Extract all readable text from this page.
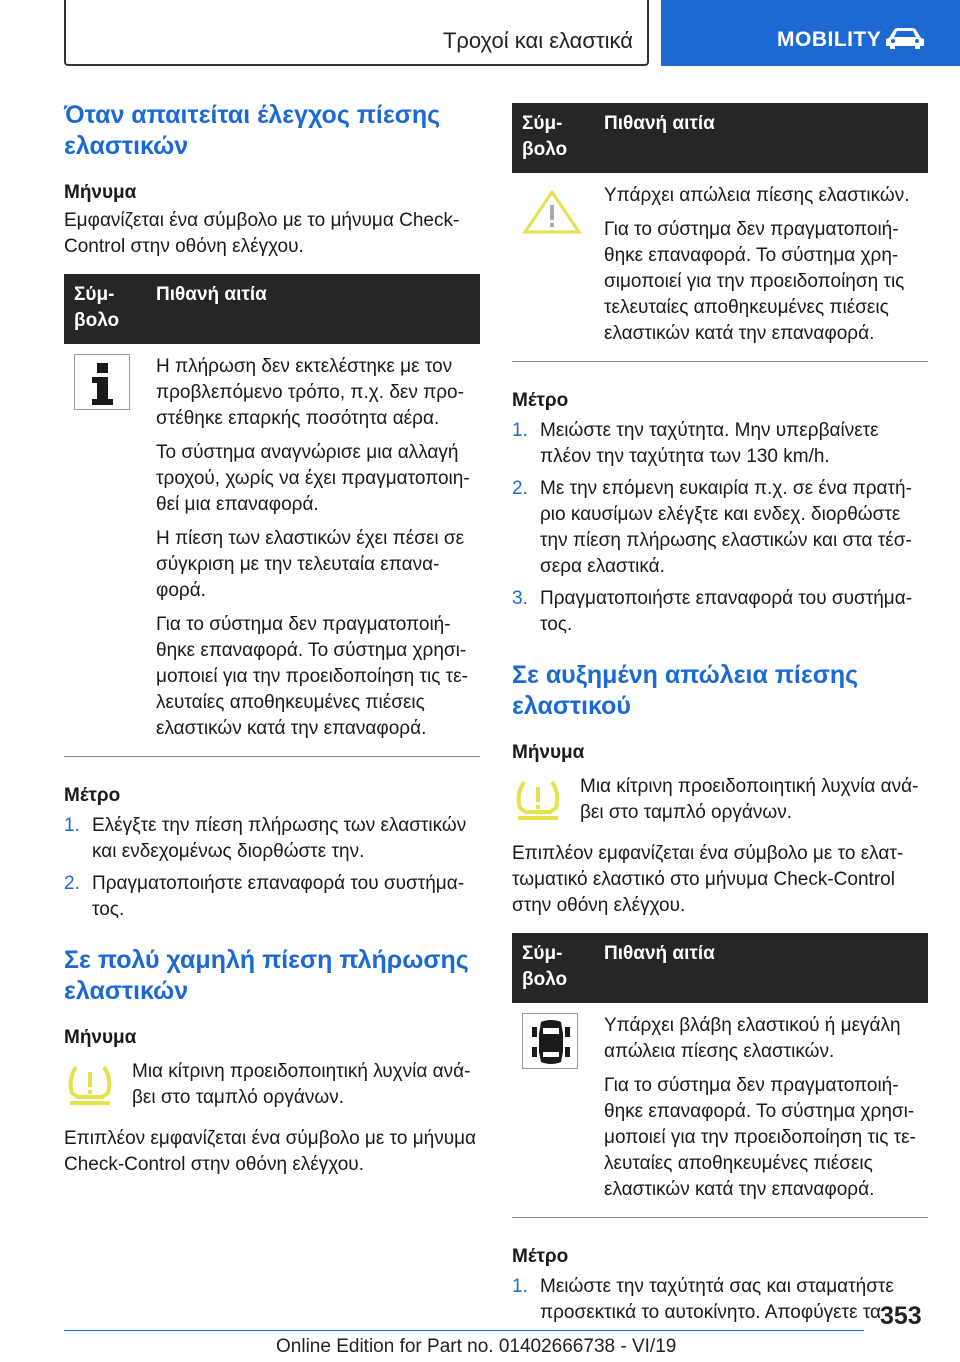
Τροχοί και ελαστικά	MOBILITY
Όταν απαιτείται έλεγχος πίεσης ελαστικών
Μήνυμα

Εμφανίζεται ένα σύμβολο με το μήνυμα Check-Control στην οθόνη ελέγχου.

Σύμ-βολο	Πιθανή αιτία

Η πλήρωση δεν εκτελέστηκε με τον προβλεπόμενο τρόπο, π.χ. δεν προ-στέθηκε επαρκής ποσότητα αέρα.

Το σύστημα αναγνώρισε μια αλλαγή τροχού, χωρίς να έχει πραγματοποιη-θεί μια επαναφορά.

Η πίεση των ελαστικών έχει πέσει σε σύγκριση με την τελευταία επανα-φορά.

Για το σύστημα δεν πραγματοποιή-θηκε επαναφορά. Το σύστημα χρησι-μοποιεί για την προειδοποίηση τις τε-λευταίες αποθηκευμένες πιέσεις ελαστικών κατά την επαναφορά.

Μέτρο
1. Ελέγξτε την πίεση πλήρωσης των ελαστικών και ενδεχομένως διορθώστε την.
2. Πραγματοποιήστε επαναφορά του συστήμα-τος.
Σε πολύ χαμηλή πίεση πλήρωσης ελαστικών
Μήνυμα
Μια κίτρινη προειδοποιητική λυχνία ανά-βει στο ταμπλό οργάνων.

Επιπλέον εμφανίζεται ένα σύμβολο με το μήνυμα Check-Control στην οθόνη ελέγχου.

Σύμ-βολο	Πιθανή αιτία

Υπάρχει απώλεια πίεσης ελαστικών.

Για το σύστημα δεν πραγματοποιή-θηκε επαναφορά. Το σύστημα χρη-σιμοποιεί για την προειδοποίηση τις τελευταίες αποθηκευμένες πιέσεις ελαστικών κατά την επαναφορά.

Μέτρο
1. Μειώστε την ταχύτητα. Μην υπερβαίνετε πλέον την ταχύτητα των 130 km/h.
2. Με την επόμενη ευκαιρία π.χ. σε ένα πρατή-ριο καυσίμων ελέγξτε και ενδεχ. διορθώστε την πίεση πλήρωσης ελαστικών και στα τέσ-σερα ελαστικά.
3. Πραγματοποιήστε επαναφορά του συστήμα-τος.
Σε αυξημένη απώλεια πίεσης ελαστικού
Μήνυμα
Μια κίτρινη προειδοποιητική λυχνία ανά-βει στο ταμπλό οργάνων.

Επιπλέον εμφανίζεται ένα σύμβολο με το ελατ-τωματικό ελαστικό στο μήνυμα Check-Control στην οθόνη ελέγχου.

Σύμ-βολο	Πιθανή αιτία

Υπάρχει βλάβη ελαστικού ή μεγάλη απώλεια πίεσης ελαστικών.

Για το σύστημα δεν πραγματοποιή-θηκε επαναφορά. Το σύστημα χρησι-μοποιεί για την προειδοποίηση τις τε-λευταίες αποθηκευμένες πιέσεις ελαστικών κατά την επαναφορά.

Μέτρο
1. Μειώστε την ταχύτητά σας και σταματήστε προσεκτικά το αυτοκίνητο. Αποφύγετε τα
353
Online Edition for Part no. 01402666738 - VI/19
